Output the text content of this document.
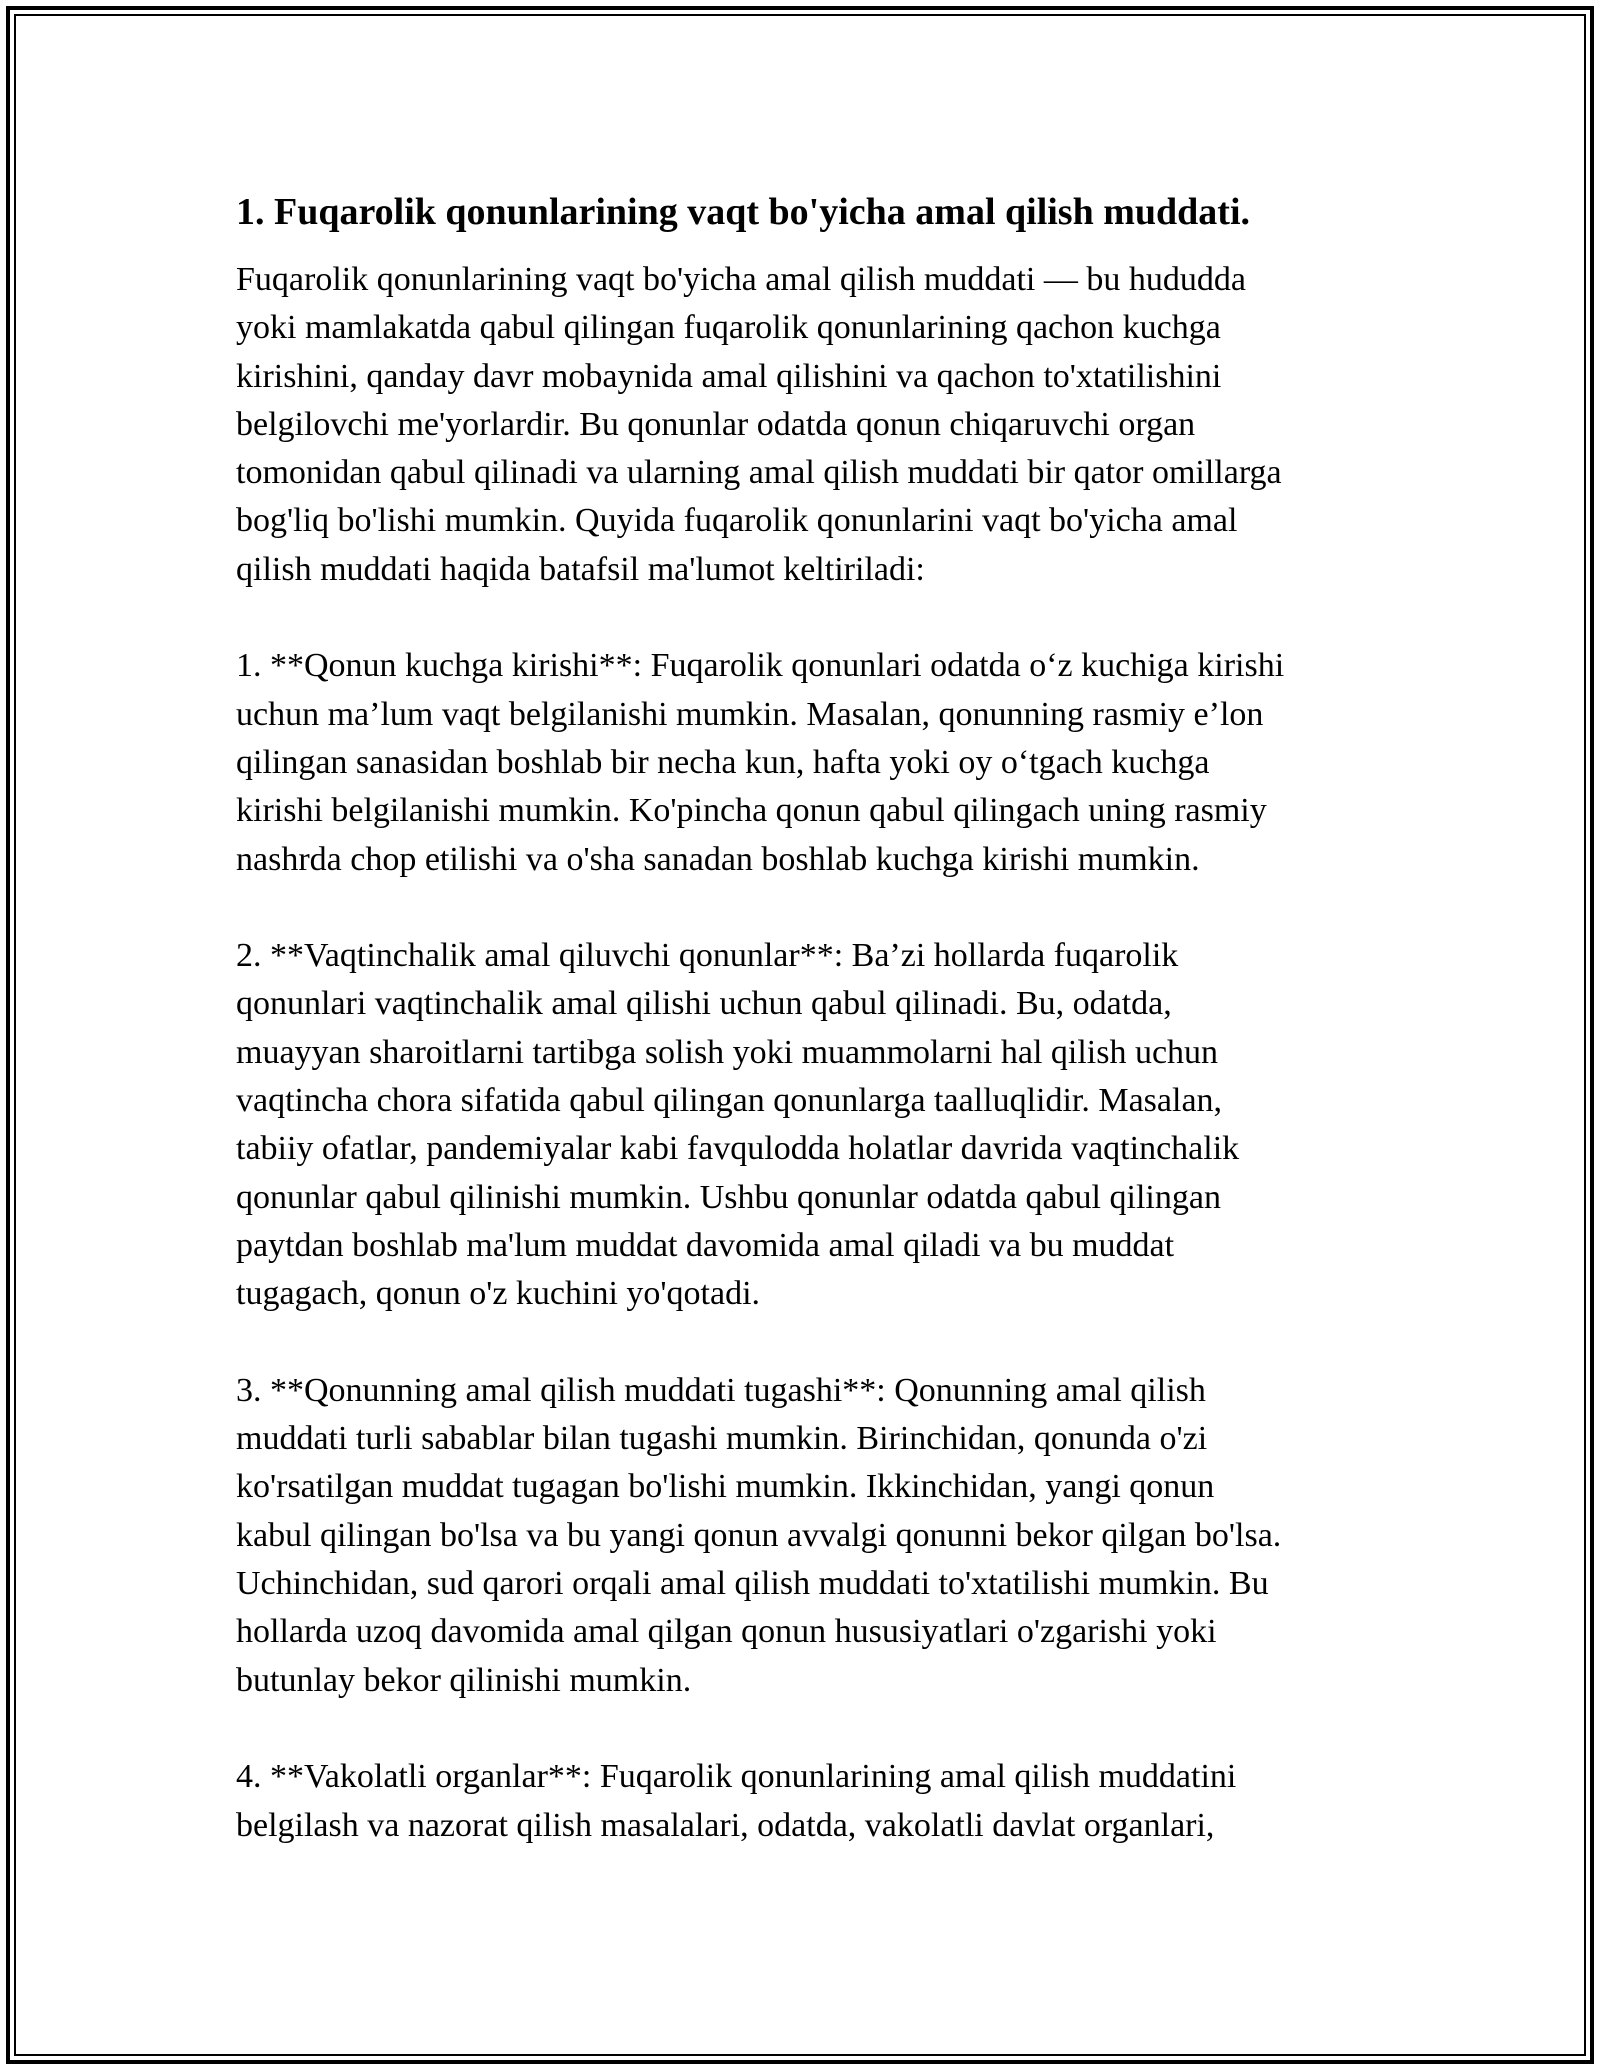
1. Fuqarolik qonunlarining vaqt bo'yicha amal qilish muddati.
Fuqarolik qonunlarining vaqt bo'yicha amal qilish muddati — bu hududda
yoki mamlakatda qabul qilingan fuqarolik qonunlarining qachon kuchga
kirishini, qanday davr mobaynida amal qilishini va qachon to'xtatilishini
belgilovchi me'yorlardir. Bu qonunlar odatda qonun chiqaruvchi organ
tomonidan qabul qilinadi va ularning amal qilish muddati bir qator omillarga
bog'liq bo'lishi mumkin. Quyida fuqarolik qonunlarini vaqt bo'yicha amal
qilish muddati haqida batafsil ma'lumot keltiriladi:
1. **Qonun kuchga kirishi**: Fuqarolik qonunlari odatda o‘z kuchiga kirishi
uchun ma’lum vaqt belgilanishi mumkin. Masalan, qonunning rasmiy e’lon
qilingan sanasidan boshlab bir necha kun, hafta yoki oy o‘tgach kuchga
kirishi belgilanishi mumkin. Ko'pincha qonun qabul qilingach uning rasmiy
nashrda chop etilishi va o'sha sanadan boshlab kuchga kirishi mumkin.
2. **Vaqtinchalik amal qiluvchi qonunlar**: Ba’zi hollarda fuqarolik
qonunlari vaqtinchalik amal qilishi uchun qabul qilinadi. Bu, odatda,
muayyan sharoitlarni tartibga solish yoki muammolarni hal qilish uchun
vaqtincha chora sifatida qabul qilingan qonunlarga taalluqlidir. Masalan,
tabiiy ofatlar, pandemiyalar kabi favqulodda holatlar davrida vaqtinchalik
qonunlar qabul qilinishi mumkin. Ushbu qonunlar odatda qabul qilingan
paytdan boshlab ma'lum muddat davomida amal qiladi va bu muddat
tugagach, qonun o'z kuchini yo'qotadi.
3. **Qonunning amal qilish muddati tugashi**: Qonunning amal qilish
muddati turli sabablar bilan tugashi mumkin. Birinchidan, qonunda o'zi
ko'rsatilgan muddat tugagan bo'lishi mumkin. Ikkinchidan, yangi qonun
kabul qilingan bo'lsa va bu yangi qonun avvalgi qonunni bekor qilgan bo'lsa.
Uchinchidan, sud qarori orqali amal qilish muddati to'xtatilishi mumkin. Bu
hollarda uzoq davomida amal qilgan qonun hususiyatlari o'zgarishi yoki
butunlay bekor qilinishi mumkin.
4. **Vakolatli organlar**: Fuqarolik qonunlarining amal qilish muddatini
belgilash va nazorat qilish masalalari, odatda, vakolatli davlat organlari,
